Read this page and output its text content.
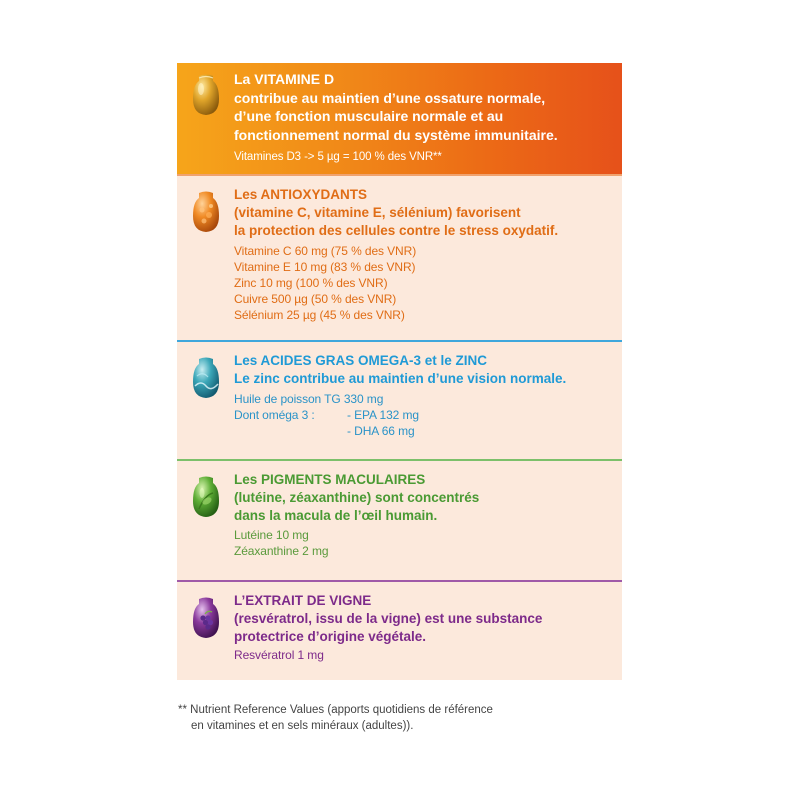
La VITAMINE D
contribue au maintien d’une ossature normale,
d’une fonction musculaire normale et au
fonctionnement normal du système immunitaire.
Vitamines D3 -> 5 µg = 100 % des VNR**
Les ANTIOXYDANTS
(vitamine C, vitamine E, sélénium) favorisent
la protection des cellules contre le stress oxydatif.
Vitamine C 60 mg (75 % des VNR)
Vitamine E 10 mg (83 % des VNR)
Zinc 10 mg (100 % des VNR)
Cuivre 500 µg (50 % des VNR)
Sélénium 25 µg (45 % des VNR)
Les ACIDES GRAS OMEGA-3 et le ZINC
Le zinc contribue au maintien d’une vision normale.
Huile de poisson TG 330 mg
Dont oméga 3 :	- EPA 132 mg
- DHA 66 mg
Les PIGMENTS MACULAIRES
(lutéine, zéaxanthine) sont concentrés
dans la macula de l’œil humain.
Lutéine 10 mg
Zéaxanthine 2 mg
L’EXTRAIT DE VIGNE
(resvératrol, issu de la vigne) est une substance
protectrice d’origine végétale.
Resvératrol 1 mg
** Nutrient Reference Values (apports quotidiens de référence
en vitamines et en sels minéraux (adultes)).
